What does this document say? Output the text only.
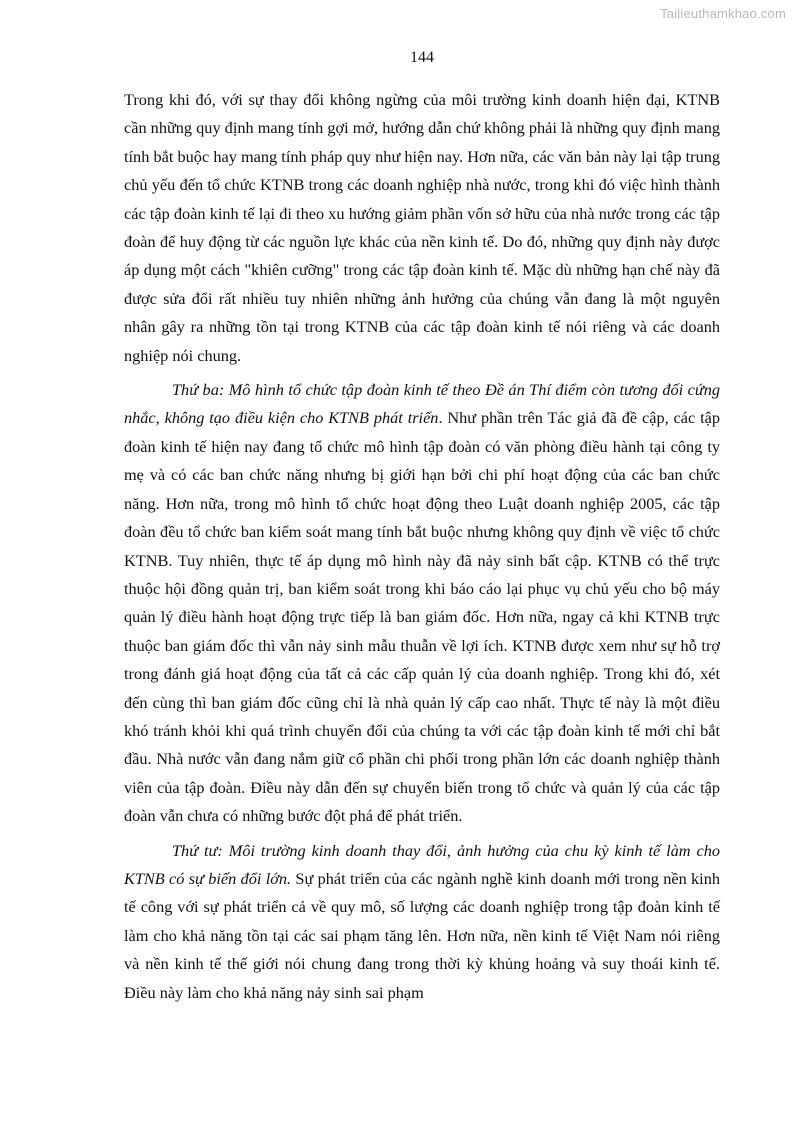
Tailieuthamkhao.com
144

Trong khi đó, với sự thay đổi không ngừng của môi trường kinh doanh hiện đại, KTNB cần những quy định mang tính gợi mở, hướng dẫn chứ không phải là những quy định mang tính bắt buộc hay mang tính pháp quy như hiện nay. Hơn nữa, các văn bản này lại tập trung chủ yếu đến tổ chức KTNB trong các doanh nghiệp nhà nước, trong khi đó việc hình thành các tập đoàn kinh tế lại đi theo xu hướng giảm phần vốn sở hữu của nhà nước trong các tập đoàn để huy động từ các nguồn lực khác của nền kinh tế. Do đó, những quy định này được áp dụng một cách "khiên cưỡng" trong các tập đoàn kinh tế. Mặc dù những hạn chế này đã được sửa đổi rất nhiều tuy nhiên những ảnh hưởng của chúng vẫn đang là một nguyên nhân gây ra những tồn tại trong KTNB của các tập đoàn kinh tế nói riêng và các doanh nghiệp nói chung.

Thứ ba: Mô hình tổ chức tập đoàn kinh tế theo Đề án Thí điểm còn tương đối cứng nhắc, không tạo điều kiện cho KTNB phát triển. Như phần trên Tác giả đã đề cập, các tập đoàn kinh tế hiện nay đang tổ chức mô hình tập đoàn có văn phòng điều hành tại công ty mẹ và có các ban chức năng nhưng bị giới hạn bởi chi phí hoạt động của các ban chức năng. Hơn nữa, trong mô hình tổ chức hoạt động theo Luật doanh nghiệp 2005, các tập đoàn đều tổ chức ban kiểm soát mang tính bắt buộc nhưng không quy định về việc tổ chức KTNB. Tuy nhiên, thực tế áp dụng mô hình này đã nảy sinh bất cập. KTNB có thể trực thuộc hội đồng quản trị, ban kiểm soát trong khi báo cáo lại phục vụ chủ yếu cho bộ máy quản lý điều hành hoạt động trực tiếp là ban giám đốc. Hơn nữa, ngay cả khi KTNB trực thuộc ban giám đốc thì vẫn nảy sinh mẫu thuẫn về lợi ích. KTNB được xem như sự hỗ trợ trong đánh giá hoạt động của tất cả các cấp quản lý của doanh nghiệp. Trong khi đó, xét đến cùng thì ban giám đốc cũng chỉ là nhà quản lý cấp cao nhất. Thực tế này là một điều khó tránh khỏi khi quá trình chuyển đổi của chúng ta với các tập đoàn kinh tế mới chỉ bắt đầu. Nhà nước vẫn đang nắm giữ cổ phần chi phối trong phần lớn các doanh nghiệp thành viên của tập đoàn. Điều này dẫn đến sự chuyển biến trong tổ chức và quản lý của các tập đoàn vẫn chưa có những bước đột phá để phát triển.

Thứ tư: Môi trường kinh doanh thay đổi, ảnh hưởng của chu kỳ kinh tế làm cho KTNB có sự biến đổi lớn. Sự phát triển của các ngành nghề kinh doanh mới trong nền kinh tế công với sự phát triển cả về quy mô, số lượng các doanh nghiệp trong tập đoàn kinh tế làm cho khả năng tồn tại các sai phạm tăng lên. Hơn nữa, nền kinh tế Việt Nam nói riêng và nền kinh tế thế giới nói chung đang trong thời kỳ khủng hoảng và suy thoái kinh tế. Điều này làm cho khả năng nảy sinh sai phạm
